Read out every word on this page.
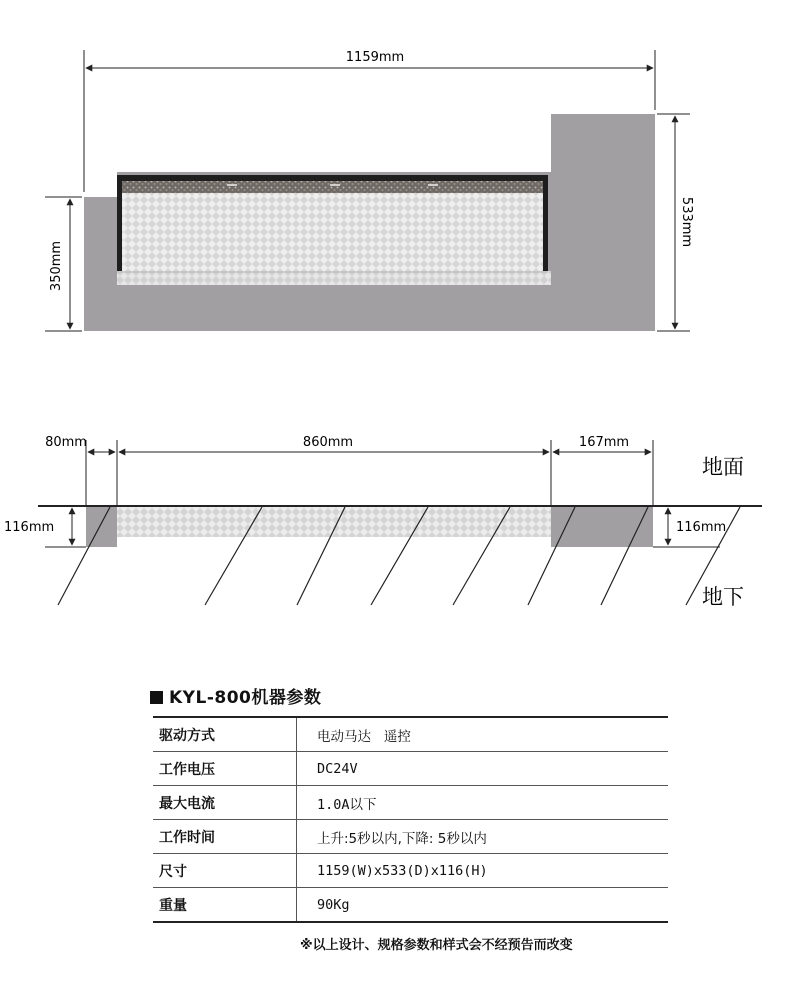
1159mm
533mm
350mm
80mm	860mm	167mm
116mm	116mm
地面
地下
KYL-800机器参数
驱动方式	电动马达   遥控
工作电压	DC24V
最大电流	1.0A以下
工作时间	上升:5秒以内,下降: 5秒以内
尺寸	1159(W)x533(D)x116(H)
重量	90Kg
※以上设计、规格参数和样式会不经预告而改变
